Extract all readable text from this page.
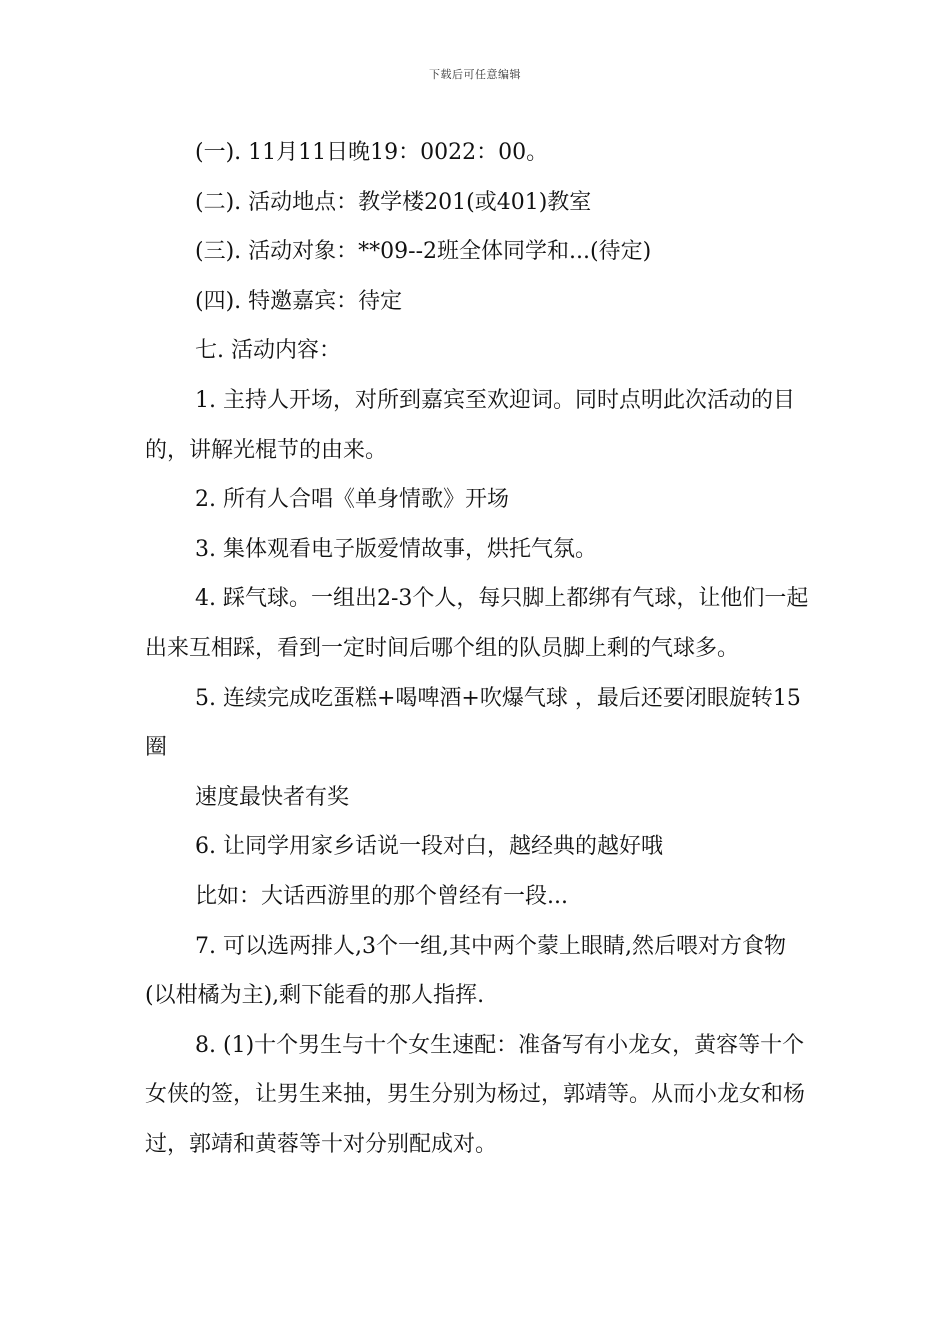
下载后可任意编辑

(一). 11月11日晚19：0022：00。

(二). 活动地点：教学楼201(或401)教室

(三). 活动对象：**09--2班全体同学和...(待定)

(四). 特邀嘉宾：待定

七. 活动内容：

1. 主持人开场，对所到嘉宾至欢迎词。同时点明此次活动的目的，讲解光棍节的由来。

2. 所有人合唱《单身情歌》开场

3. 集体观看电子版爱情故事，烘托气氛。

4. 踩气球。一组出2-3个人，每只脚上都绑有气球，让他们一起出来互相踩，看到一定时间后哪个组的队员脚上剩的气球多。

5. 连续完成吃蛋糕+喝啤酒+吹爆气球 ，最后还要闭眼旋转15圈

速度最快者有奖

6. 让同学用家乡话说一段对白，越经典的越好哦

比如：大话西游里的那个曾经有一段...

7. 可以选两排人,3个一组,其中两个蒙上眼睛,然后喂对方食物(以柑橘为主),剩下能看的那人指挥.

8. (1)十个男生与十个女生速配：准备写有小龙女，黄容等十个女侠的签，让男生来抽，男生分别为杨过，郭靖等。从而小龙女和杨过，郭靖和黄蓉等十对分别配成对。
